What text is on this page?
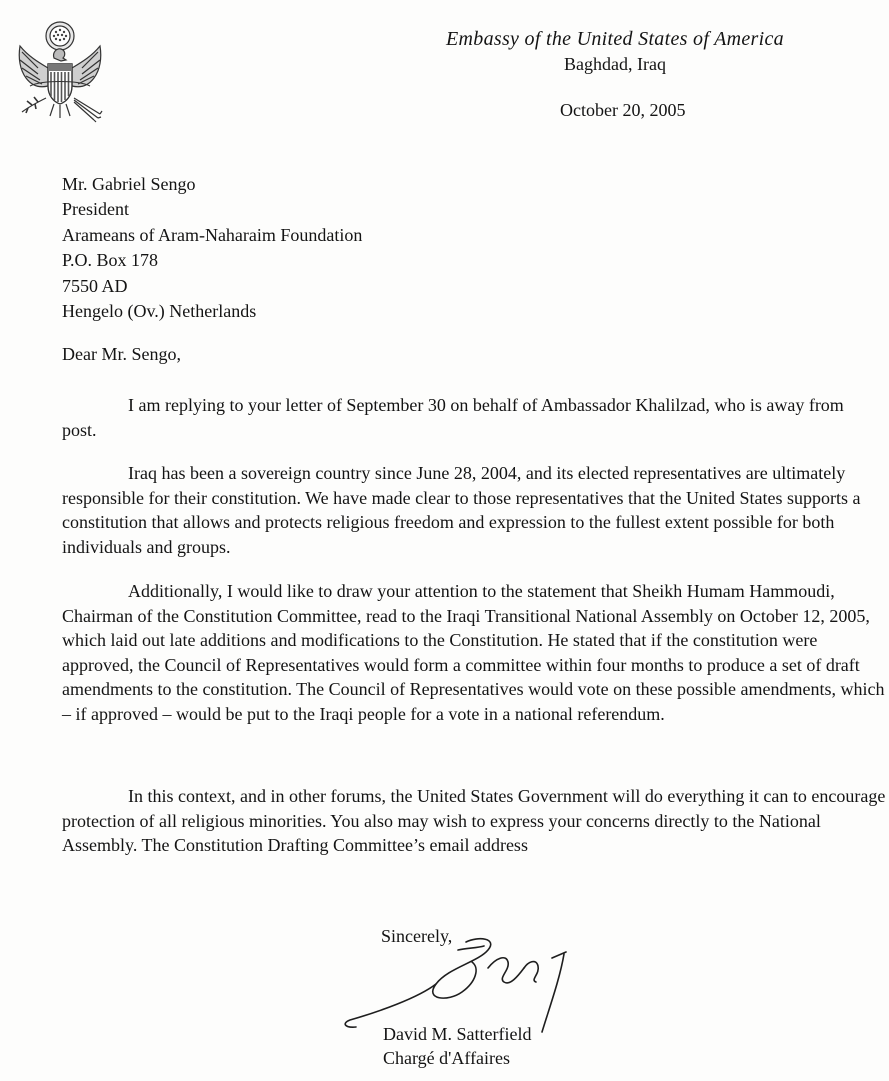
Embassy of the United States of America
Baghdad, Iraq
October 20, 2005
Mr. Gabriel Sengo
President
Arameans of Aram-Naharaim Foundation
P.O. Box 178
7550 AD
Hengelo (Ov.) Netherlands
Dear Mr. Sengo,
I am replying to your letter of September 30 on behalf of Ambassador Khalilzad, who is away from post.
Iraq has been a sovereign country since June 28, 2004, and its elected representatives are ultimately responsible for their constitution. We have made clear to those representatives that the United States supports a constitution that allows and protects religious freedom and expression to the fullest extent possible for both individuals and groups.
Additionally, I would like to draw your attention to the statement that Sheikh Humam Hammoudi, Chairman of the Constitution Committee, read to the Iraqi Transitional National Assembly on October 12, 2005, which laid out late additions and modifications to the Constitution. He stated that if the constitution were approved, the Council of Representatives would form a committee within four months to produce a set of draft amendments to the constitution. The Council of Representatives would vote on these possible amendments, which – if approved – would be put to the Iraqi people for a vote in a national referendum.
In this context, and in other forums, the United States Government will do everything it can to encourage protection of all religious minorities. You also may wish to express your concerns directly to the National Assembly. The Constitution Drafting Committee’s email address
Sincerely,
David M. Satterfield
Chargé d'Affaires
